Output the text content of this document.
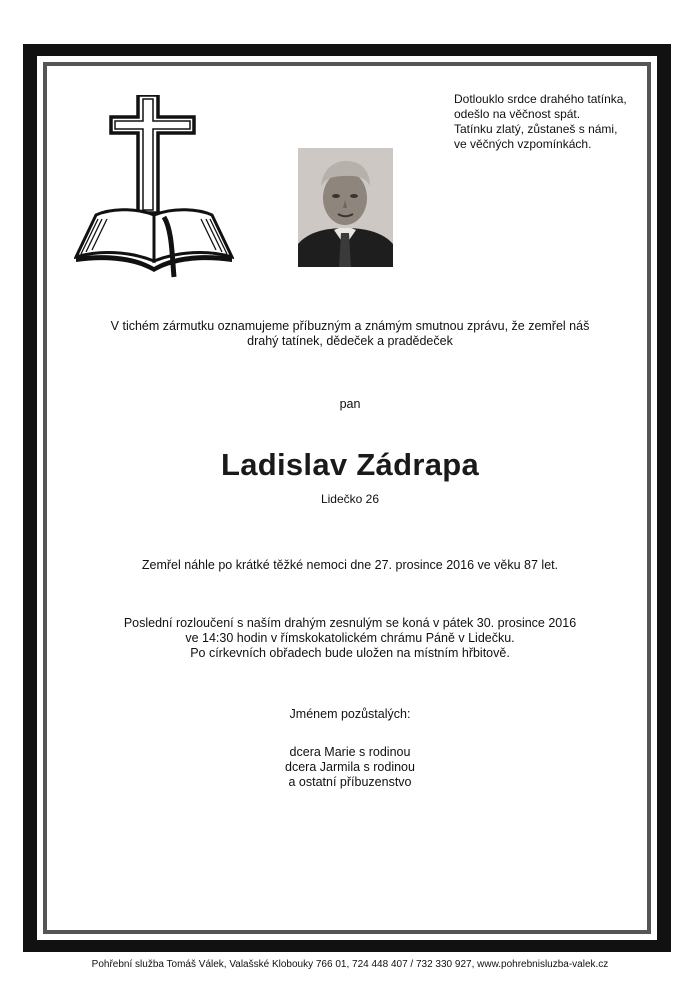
Dotlouklo srdce drahého tatínka,
odešlo na věčnost spát.
Tatínku zlatý, zůstaneš s námi,
ve věčných vzpomínkách.
V tichém zármutku oznamujeme příbuzným a známým smutnou zprávu, že zemřel náš
drahý tatínek, dědeček a pradědeček
pan
Ladislav Zádrapa
Lidečko 26
Zemřel náhle po krátké těžké nemoci dne 27. prosince 2016 ve věku 87 let.
Poslední rozloučení s naším drahým zesnulým se koná v pátek 30. prosince 2016
ve 14:30 hodin v římskokatolickém chrámu Páně v Lidečku.
Po církevních obřadech bude uložen na místním hřbitově.
Jménem pozůstalých:
dcera Marie s rodinou
dcera Jarmila s rodinou
a ostatní příbuzenstvo
Pohřební služba Tomáš Válek, Valašské Klobouky 766 01, 724 448 407 / 732 330 927, www.pohrebnisluzba-valek.cz
